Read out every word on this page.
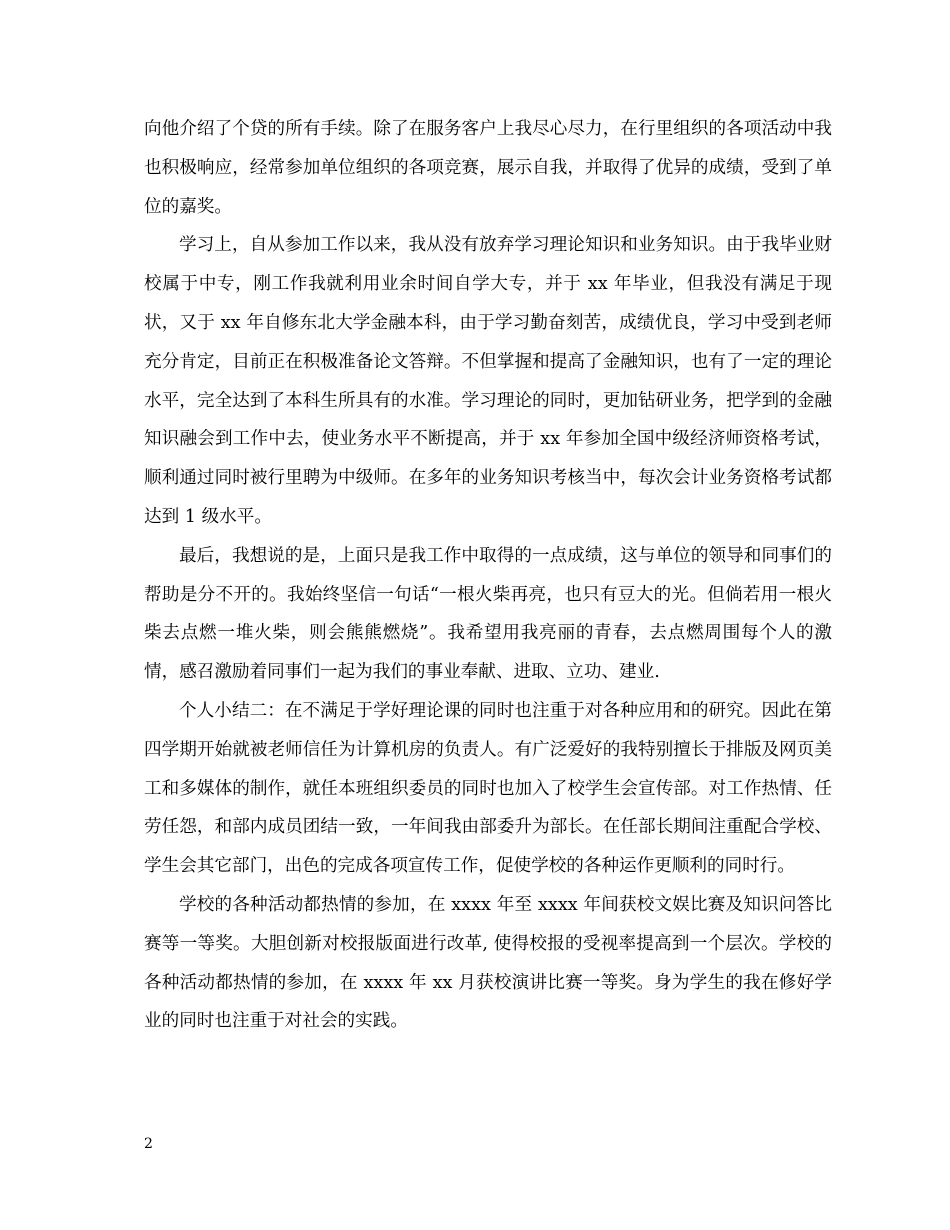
向他介绍了个贷的所有手续。除了在服务客户上我尽心尽力，在行里组织的各项活动中我也积极响应，经常参加单位组织的各项竞赛，展示自我，并取得了优异的成绩，受到了单位的嘉奖。

学习上，自从参加工作以来，我从没有放弃学习理论知识和业务知识。由于我毕业财校属于中专，刚工作我就利用业余时间自学大专，并于 xx 年毕业，但我没有满足于现状，又于 xx 年自修东北大学金融本科，由于学习勤奋刻苦，成绩优良，学习中受到老师充分肯定，目前正在积极准备论文答辩。不但掌握和提高了金融知识，也有了一定的理论水平，完全达到了本科生所具有的水准。学习理论的同时，更加钻研业务，把学到的金融知识融会到工作中去，使业务水平不断提高，并于 xx 年参加全国中级经济师资格考试，顺利通过同时被行里聘为中级师。在多年的业务知识考核当中，每次会计业务资格考试都达到 1 级水平。

最后，我想说的是，上面只是我工作中取得的一点成绩，这与单位的领导和同事们的帮助是分不开的。我始终坚信一句话“一根火柴再亮，也只有豆大的光。但倘若用一根火柴去点燃一堆火柴，则会熊熊燃烧”。我希望用我亮丽的青春，去点燃周围每个人的激情，感召激励着同事们一起为我们的事业奉献、进取、立功、建业.

个人小结二：在不满足于学好理论课的同时也注重于对各种应用和的研究。因此在第四学期开始就被老师信任为计算机房的负责人。有广泛爱好的我特别擅长于排版及网页美工和多媒体的制作，就任本班组织委员的同时也加入了校学生会宣传部。对工作热情、任劳任怨，和部内成员团结一致，一年间我由部委升为部长。在任部长期间注重配合学校、学生会其它部门，出色的完成各项宣传工作，促使学校的各种运作更顺利的同时行。

学校的各种活动都热情的参加，在 xxxx 年至 xxxx 年间获校文娱比赛及知识问答比赛等一等奖。大胆创新对校报版面进行改革, 使得校报的受视率提高到一个层次。学校的各种活动都热情的参加，在 xxxx 年 xx 月获校演讲比赛一等奖。身为学生的我在修好学业的同时也注重于对社会的实践。

2
